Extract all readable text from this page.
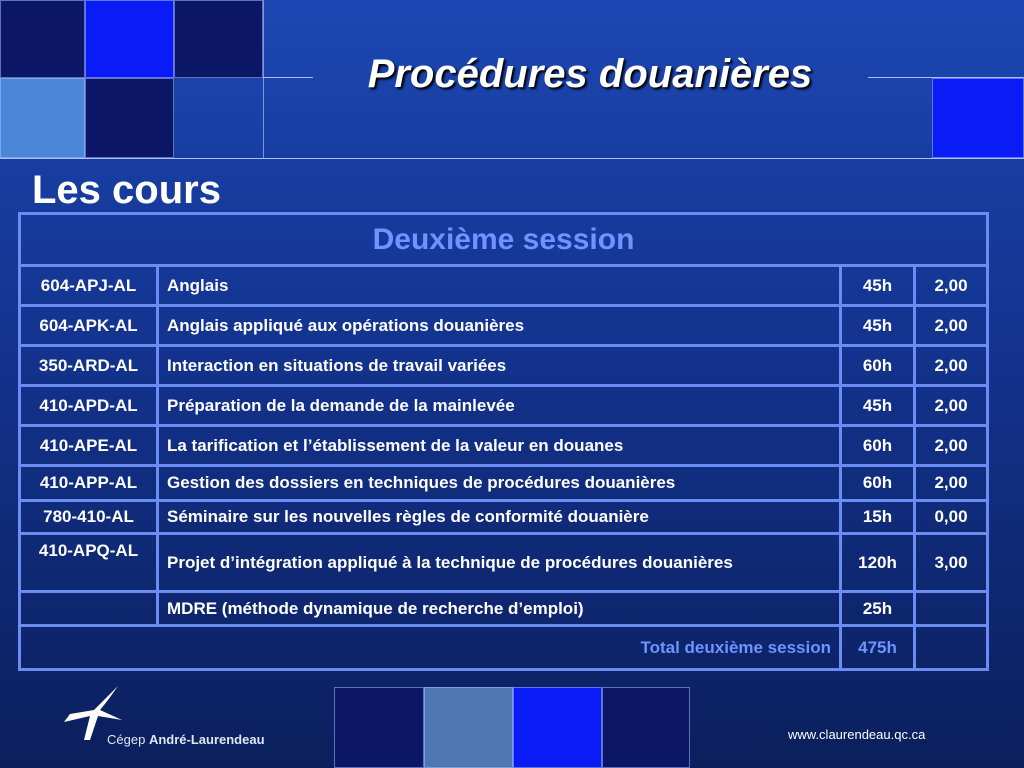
Procédures douanières
Les cours
Deuxième session			
604-APJ-AL	Anglais	45h	2,00
604-APK-AL	Anglais appliqué aux opérations douanières	45h	2,00
350-ARD-AL	Interaction en situations de travail variées	60h	2,00
410-APD-AL	Préparation de la demande de la mainlevée	45h	2,00
410-APE-AL	La tarification et l’établissement de la valeur en douanes	60h	2,00
410-APP-AL	Gestion des dossiers en techniques de procédures douanières	60h	2,00
780-410-AL	Séminaire sur les nouvelles règles de conformité douanière	15h	0,00
410-APQ-AL	Projet d’intégration appliqué à la technique de procédures douanières	120h	3,00
	MDRE (méthode dynamique de recherche d’emploi)	25h	
Total deuxième session		475h	
Cégep André-Laurendeau	www.claurendeau.qc.ca
